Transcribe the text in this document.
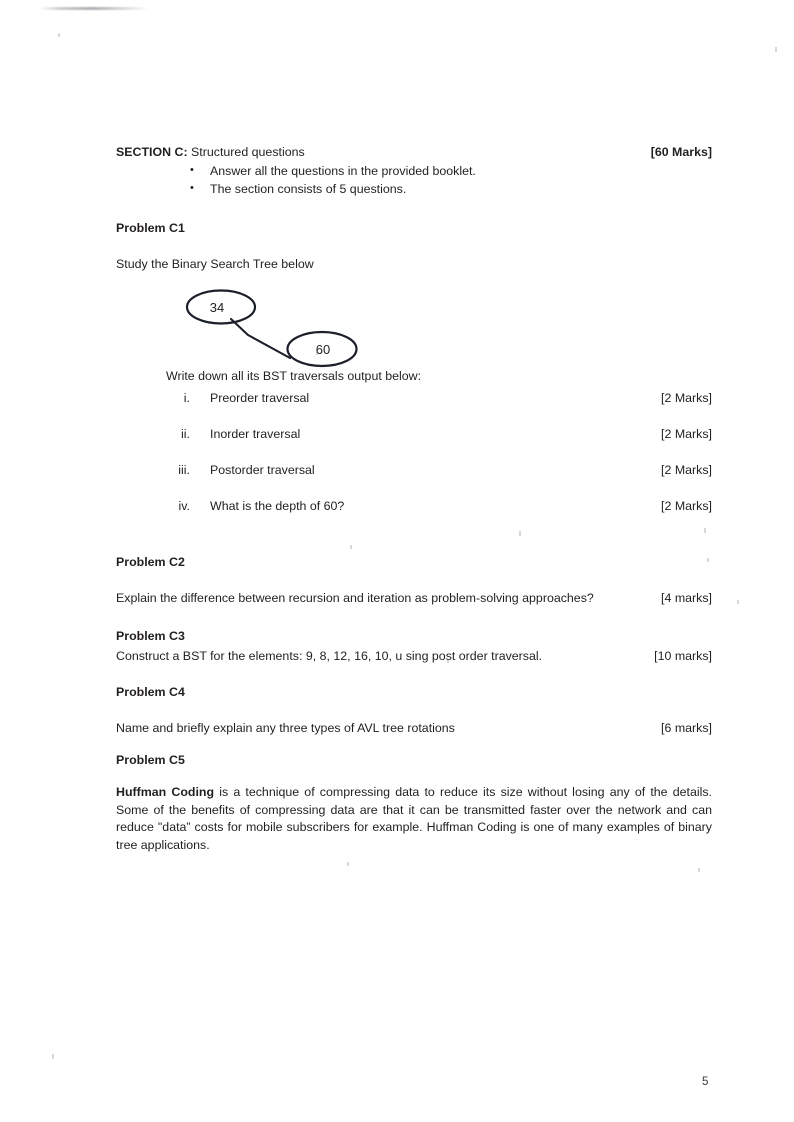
SECTION C: Structured questions	[60 Marks]
• Answer all the questions in the provided booklet.
• The section consists of 5 questions.
Problem C1
Study the Binary Search Tree below
34
60
Write down all its BST traversals output below:
i. Preorder traversal	[2 Marks]
ii. Inorder traversal	[2 Marks]
iii. Postorder traversal	[2 Marks]
iv. What is the depth of 60?	[2 Marks]
Problem C2
Explain the difference between recursion and iteration as problem-solving approaches?	[4 marks]
Problem C3
Construct a BST for the elements: 9, 8, 12, 16, 10, u sing post order traversal.	[10 marks]
Problem C4
Name and briefly explain any three types of AVL tree rotations	[6 marks]
Problem C5
Huffman Coding is a technique of compressing data to reduce its size without losing any of the details. Some of the benefits of compressing data are that it can be transmitted faster over the network and can reduce "data” costs for mobile subscribers for example. Huffman Coding is one of many examples of binary tree applications.
5
